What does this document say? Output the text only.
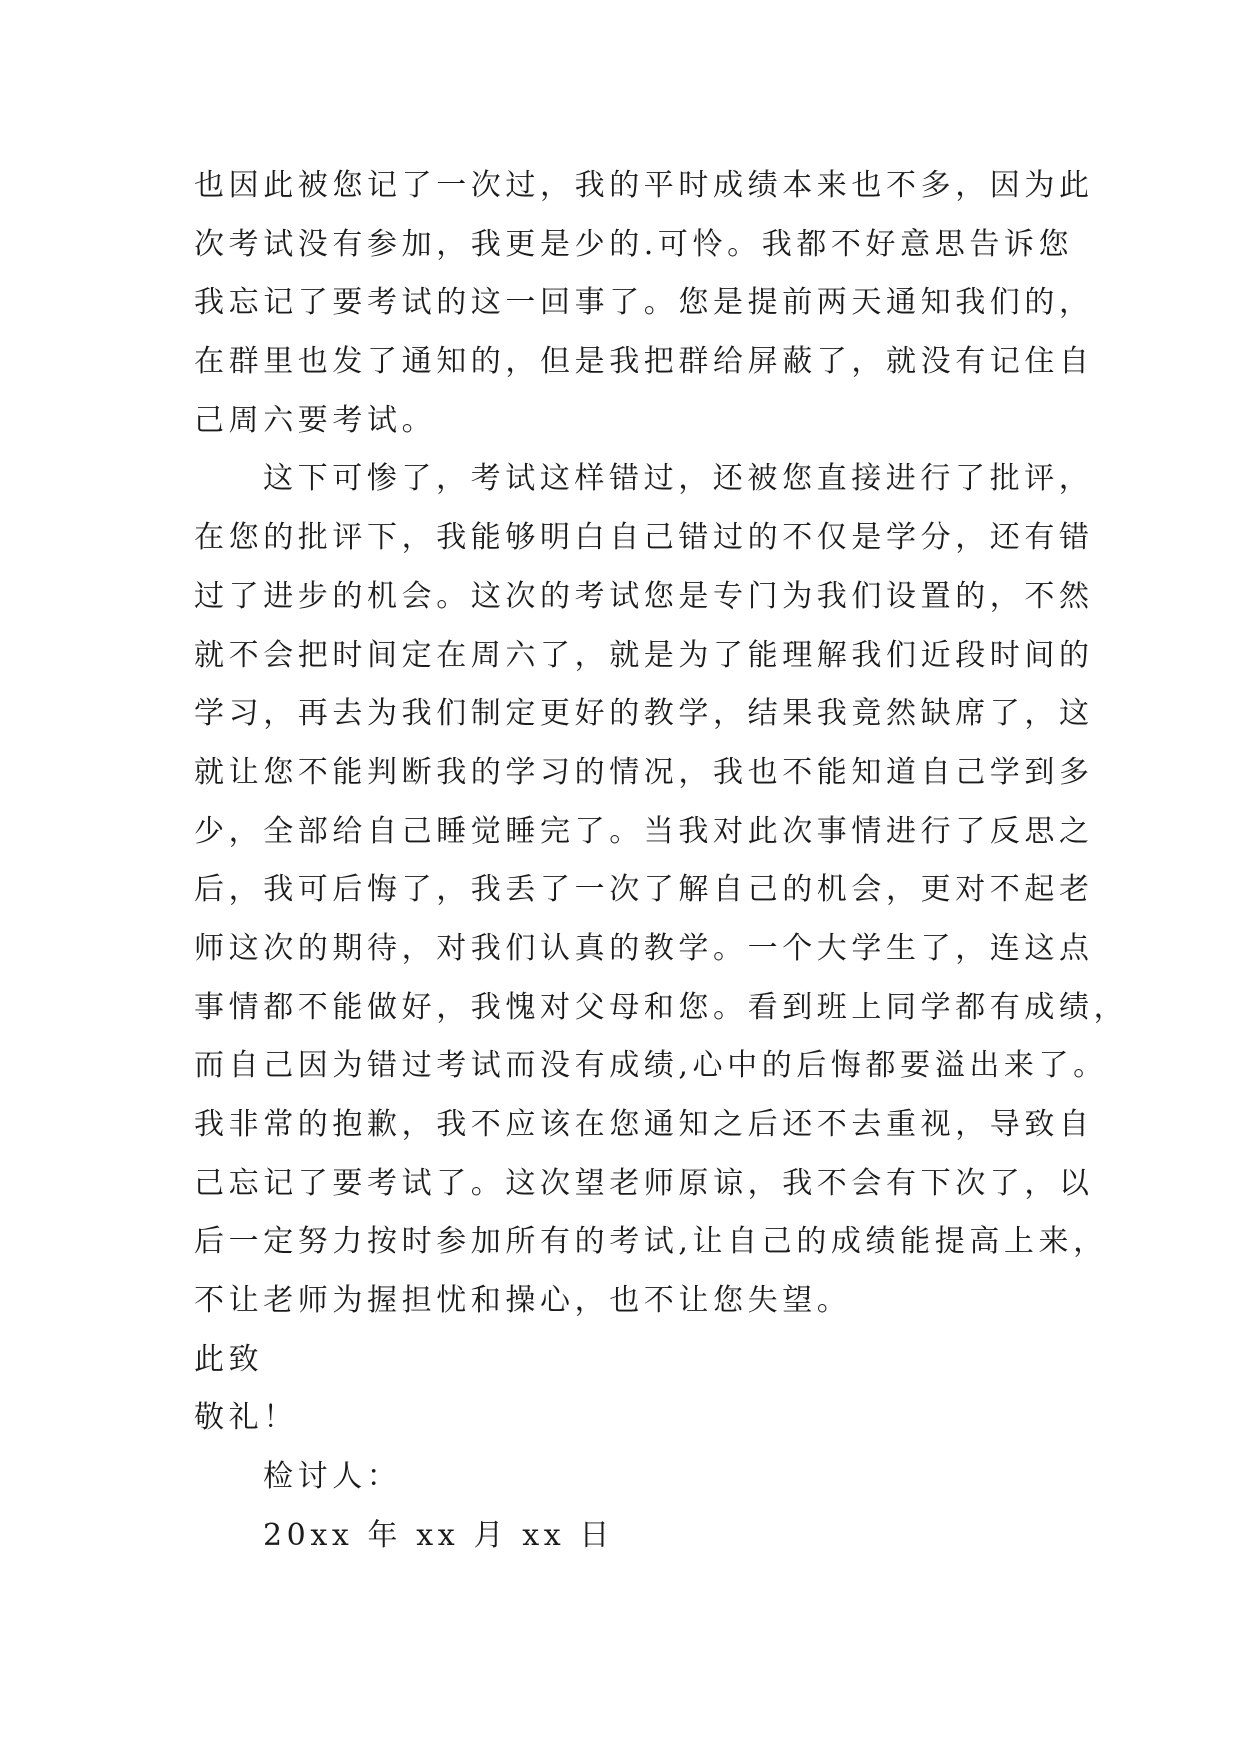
也因此被您记了一次过，我的平时成绩本来也不多，因为此
次考试没有参加，我更是少的.可怜。我都不好意思告诉您
我忘记了要考试的这一回事了。您是提前两天通知我们的，
在群里也发了通知的，但是我把群给屏蔽了，就没有记住自
己周六要考试。
这下可惨了，考试这样错过，还被您直接进行了批评，
在您的批评下，我能够明白自己错过的不仅是学分，还有错
过了进步的机会。这次的考试您是专门为我们设置的，不然
就不会把时间定在周六了，就是为了能理解我们近段时间的
学习，再去为我们制定更好的教学，结果我竟然缺席了，这
就让您不能判断我的学习的情况，我也不能知道自己学到多
少，全部给自己睡觉睡完了。当我对此次事情进行了反思之
后，我可后悔了，我丢了一次了解自己的机会，更对不起老
师这次的期待，对我们认真的教学。一个大学生了，连这点
事情都不能做好，我愧对父母和您。看到班上同学都有成绩，
而自己因为错过考试而没有成绩,心中的后悔都要溢出来了。
我非常的抱歉，我不应该在您通知之后还不去重视，导致自
己忘记了要考试了。这次望老师原谅，我不会有下次了，以
后一定努力按时参加所有的考试,让自己的成绩能提高上来，
不让老师为握担忧和操心，也不让您失望。
此致
敬礼！
检讨人：
20xx 年 xx 月 xx 日
